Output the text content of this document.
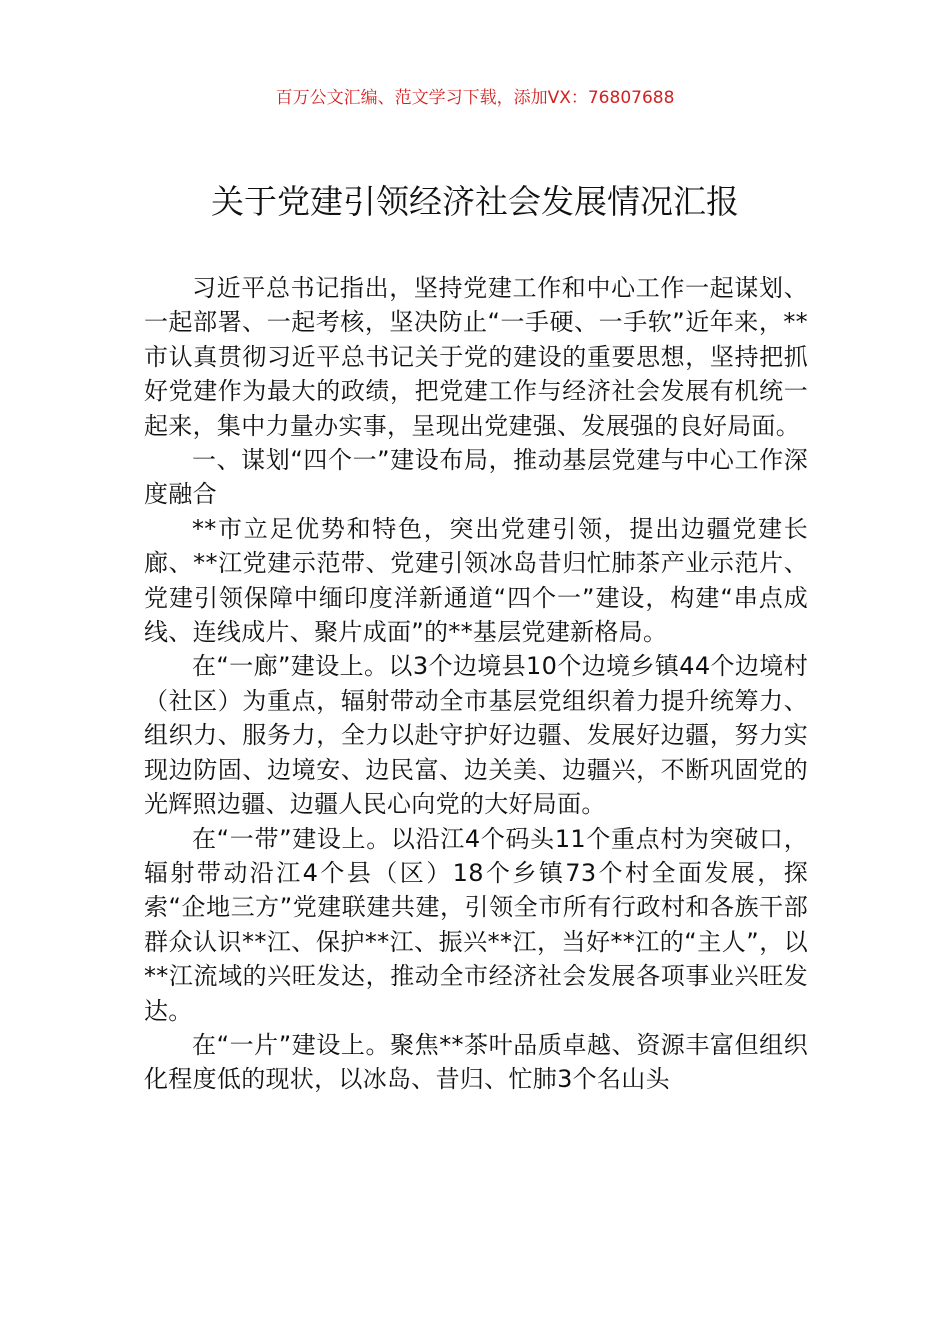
百万公文汇编、范文学习下载，添加VX：76807688
关于党建引领经济社会发展情况汇报

习近平总书记指出，坚持党建工作和中心工作一起谋划、一起部署、一起考核，坚决防止“一手硬、一手软”近年来，**市认真贯彻习近平总书记关于党的建设的重要思想，坚持把抓好党建作为最大的政绩，把党建工作与经济社会发展有机统一起来，集中力量办实事，呈现出党建强、发展强的良好局面。

一、谋划“四个一”建设布局，推动基层党建与中心工作深度融合

**市立足优势和特色，突出党建引领，提出边疆党建长廊、**江党建示范带、党建引领冰岛昔归忙肺茶产业示范片、党建引领保障中缅印度洋新通道“四个一”建设，构建“串点成线、连线成片、聚片成面”的**基层党建新格局。

在“一廊”建设上。以3个边境县10个边境乡镇44个边境村（社区）为重点，辐射带动全市基层党组织着力提升统筹力、组织力、服务力，全力以赴守护好边疆、发展好边疆，努力实现边防固、边境安、边民富、边关美、边疆兴，不断巩固党的光辉照边疆、边疆人民心向党的大好局面。

在“一带”建设上。以沿江4个码头11个重点村为突破口，辐射带动沿江4个县（区）18个乡镇73个村全面发展，探索“企地三方”党建联建共建，引领全市所有行政村和各族干部群众认识**江、保护**江、振兴**江，当好**江的“主人”，以**江流域的兴旺发达，推动全市经济社会发展各项事业兴旺发达。

在“一片”建设上。聚焦**茶叶品质卓越、资源丰富但组织化程度低的现状，以冰岛、昔归、忙肺3个名山头
